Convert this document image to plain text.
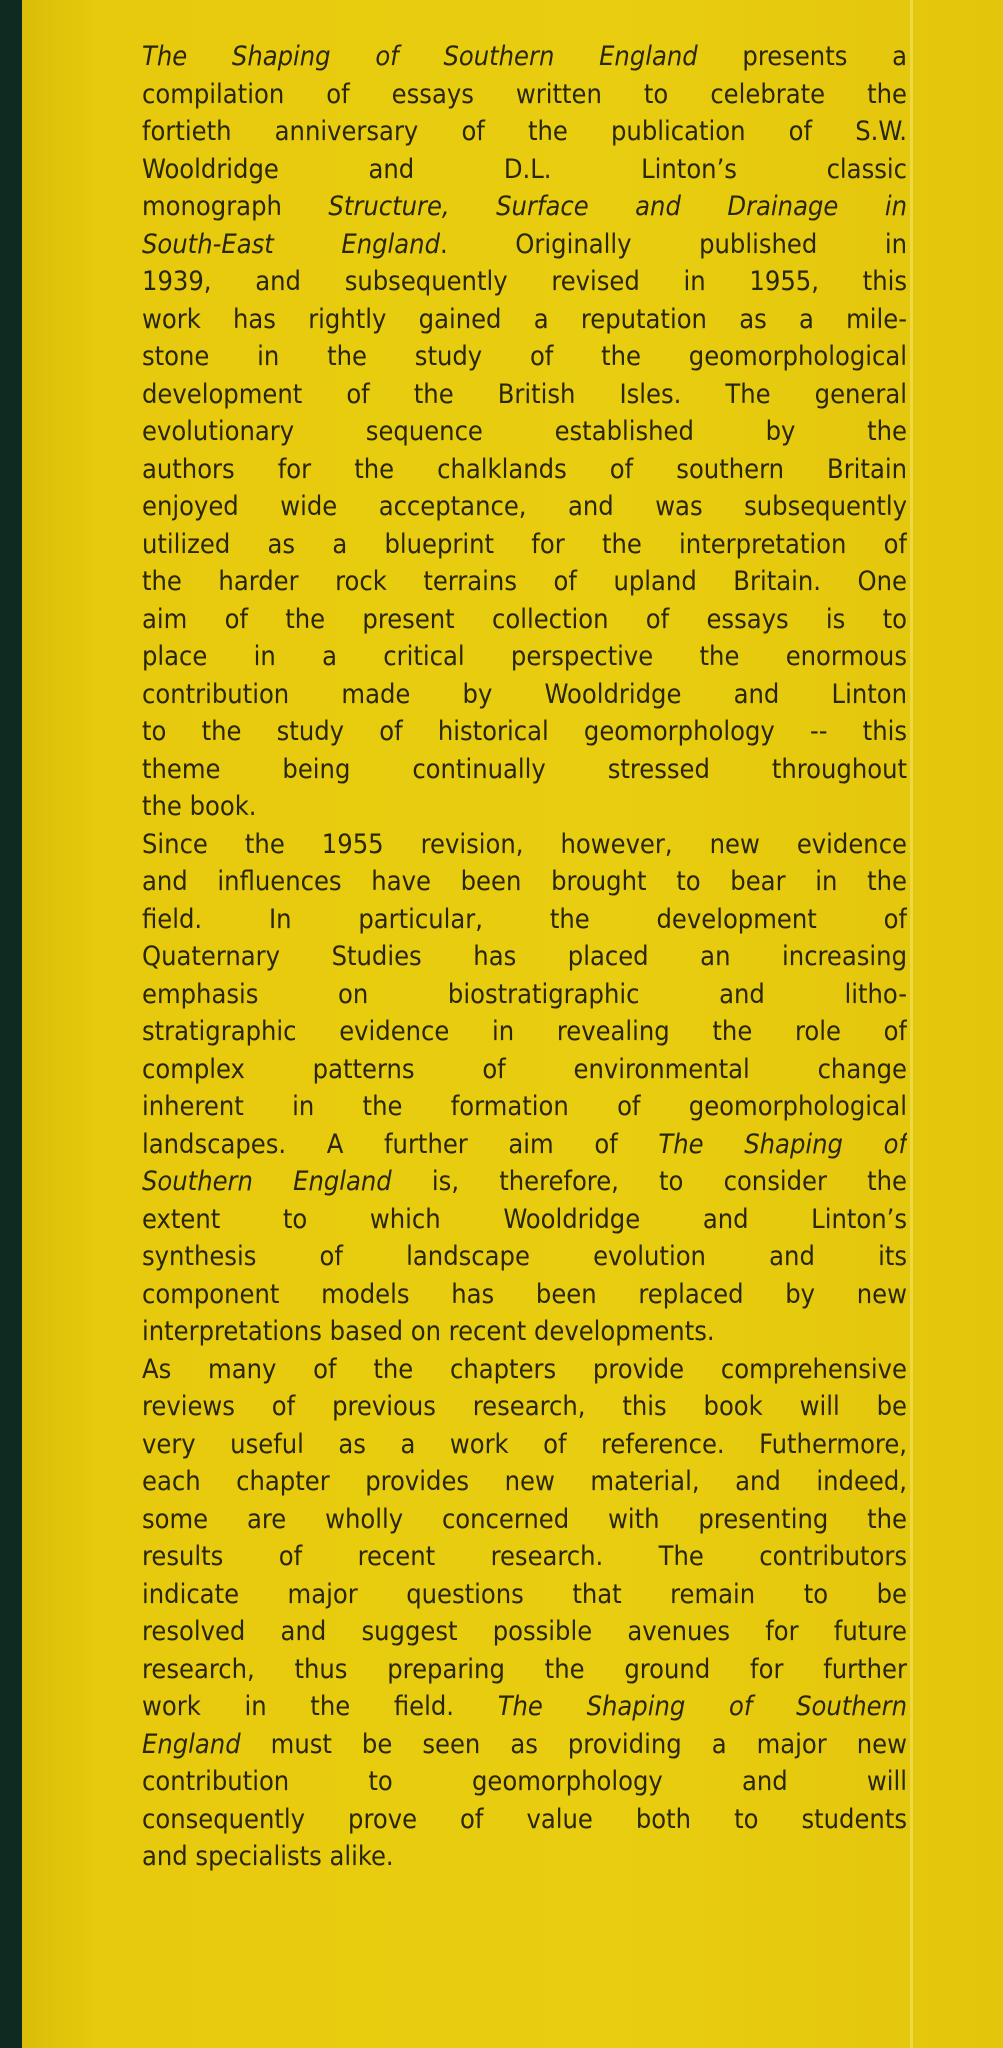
The Shaping of Southern England presents a
compilation of essays written to celebrate the
fortieth anniversary of the publication of S.W.
Wooldridge and D.L. Linton’s classic
monograph Structure, Surface and Drainage in
South-East England. Originally published in
1939, and subsequently revised in 1955, this
work has rightly gained a reputation as a mile-
stone in the study of the geomorphological
development of the British Isles. The general
evolutionary sequence established by the
authors for the chalklands of southern Britain
enjoyed wide acceptance, and was subsequently
utilized as a blueprint for the interpretation of
the harder rock terrains of upland Britain. One
aim of the present collection of essays is to
place in a critical perspective the enormous
contribution made by Wooldridge and Linton
to the study of historical geomorphology -- this
theme being continually stressed throughout
the book.
Since the 1955 revision, however, new evidence
and influences have been brought to bear in the
field. In particular, the development of
Quaternary Studies has placed an increasing
emphasis on biostratigraphic and litho-
stratigraphic evidence in revealing the role of
complex patterns of environmental change
inherent in the formation of geomorphological
landscapes. A further aim of The Shaping of
Southern England is, therefore, to consider the
extent to which Wooldridge and Linton’s
synthesis of landscape evolution and its
component models has been replaced by new
interpretations based on recent developments.
As many of the chapters provide comprehensive
reviews of previous research, this book will be
very useful as a work of reference. Futhermore,
each chapter provides new material, and indeed,
some are wholly concerned with presenting the
results of recent research. The contributors
indicate major questions that remain to be
resolved and suggest possible avenues for future
research, thus preparing the ground for further
work in the field. The Shaping of Southern
England must be seen as providing a major new
contribution to geomorphology and will
consequently prove of value both to students
and specialists alike.
